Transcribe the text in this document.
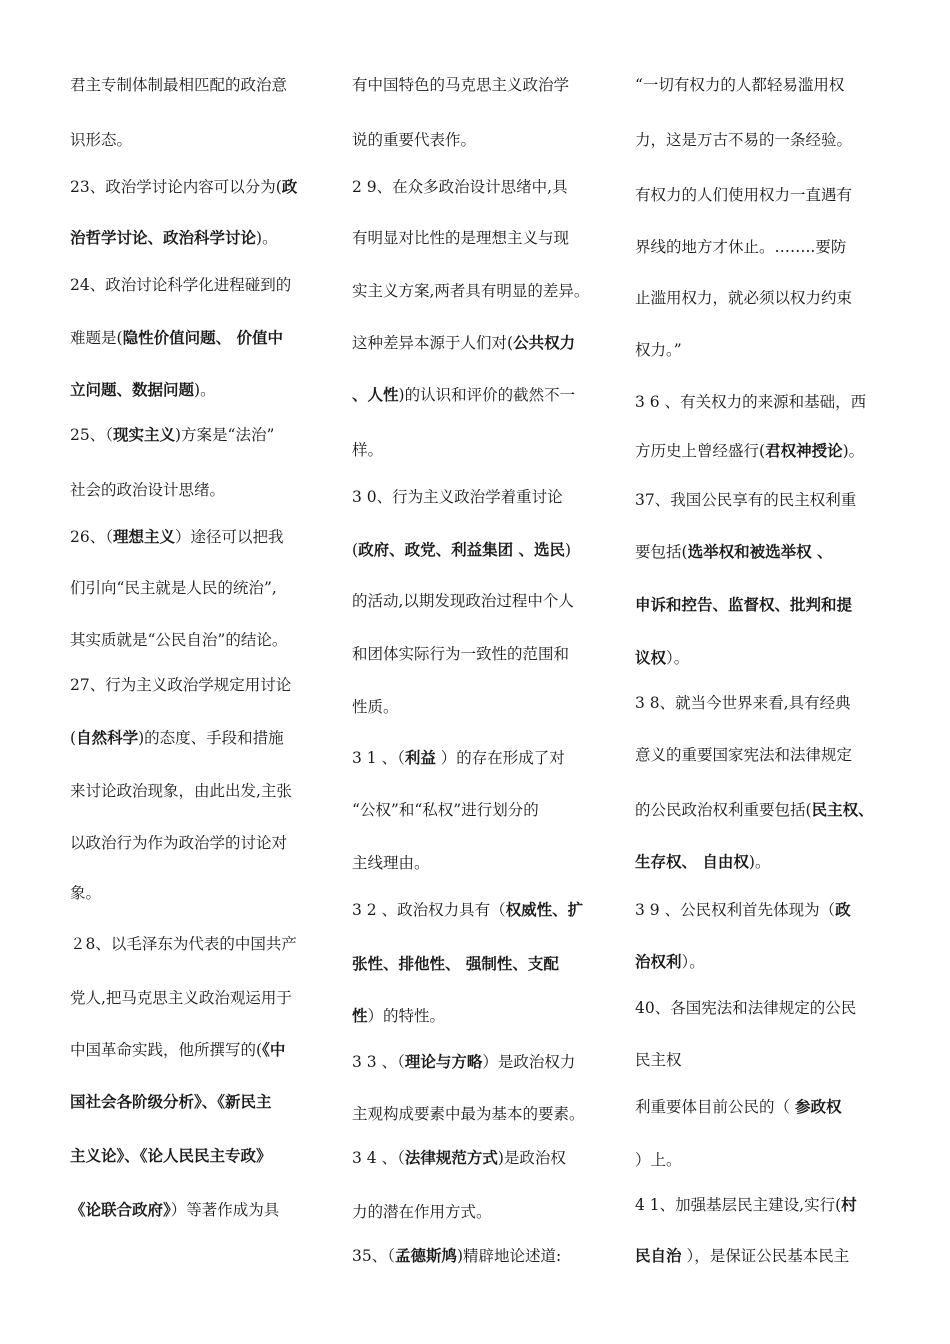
君主专制体制最相匹配的政治意
识形态。
23、政治学讨论内容可以分为(政
治哲学讨论、政治科学讨论)。
24、政治讨论科学化进程碰到的
难题是(隐性价值问题、 价值中
立问题、数据问题)。
25、（现实主义)方案是“法治”
社会的政治设计思绪。
26、（理想主义）途径可以把我
们引向“民主就是人民的统治”,
其实质就是“公民自治”的结论。
27、行为主义政治学规定用讨论
(自然科学)的态度、手段和措施
来讨论政治现象，由此出发,主张
以政治行为作为政治学的讨论对
象。
２8、以毛泽东为代表的中国共产
党人,把马克思主义政治观运用于
中国革命实践，他所撰写的(《中
国社会各阶级分析》、《新民主
主义论》、《论人民民主专政》
《论联合政府》）等著作成为具
有中国特色的马克思主义政治学
说的重要代表作。
2 9、在众多政治设计思绪中,具
有明显对比性的是理想主义与现
实主义方案,两者具有明显的差异。
这种差异本源于人们对(公共权力
、人性)的认识和评价的截然不一
样。
3 0、行为主义政治学着重讨论
(政府、政党、利益集团 、选民)
的活动,以期发现政治过程中个人
和团体实际行为一致性的范围和
性质。
3 1 、（利益 ）的存在形成了对
“公权”和“私权”进行划分的
主线理由。
3 2 、政治权力具有（权威性、扩
张性、排他性、 强制性、支配
性）的特性。
3 3 、（理论与方略）是政治权力
主观构成要素中最为基本的要素。
3 4 、（法律规范方式)是政治权
力的潜在作用方式。
35、（孟德斯鸠)精辟地论述道:
“一切有权力的人都轻易滥用权
力，这是万古不易的一条经验。
有权力的人们使用权力一直遇有
界线的地方才休止。……..要防
止滥用权力，就必须以权力约束
权力。”
3 6 、有关权力的来源和基础，西
方历史上曾经盛行(君权神授论)。
37、我国公民享有的民主权利重
要包括(选举权和被选举权 、
申诉和控告、监督权、批判和提
议权）。
3 8、就当今世界来看,具有经典
意义的重要国家宪法和法律规定
的公民政治权利重要包括(民主权、
生存权、 自由权)。
3 9 、公民权利首先体现为（政
治权利）。
40、各国宪法和法律规定的公民
民主权
利重要体目前公民的（ 参政权
）上。
4 1、加强基层民主建设,实行(村
民自治 ），是保证公民基本民主
